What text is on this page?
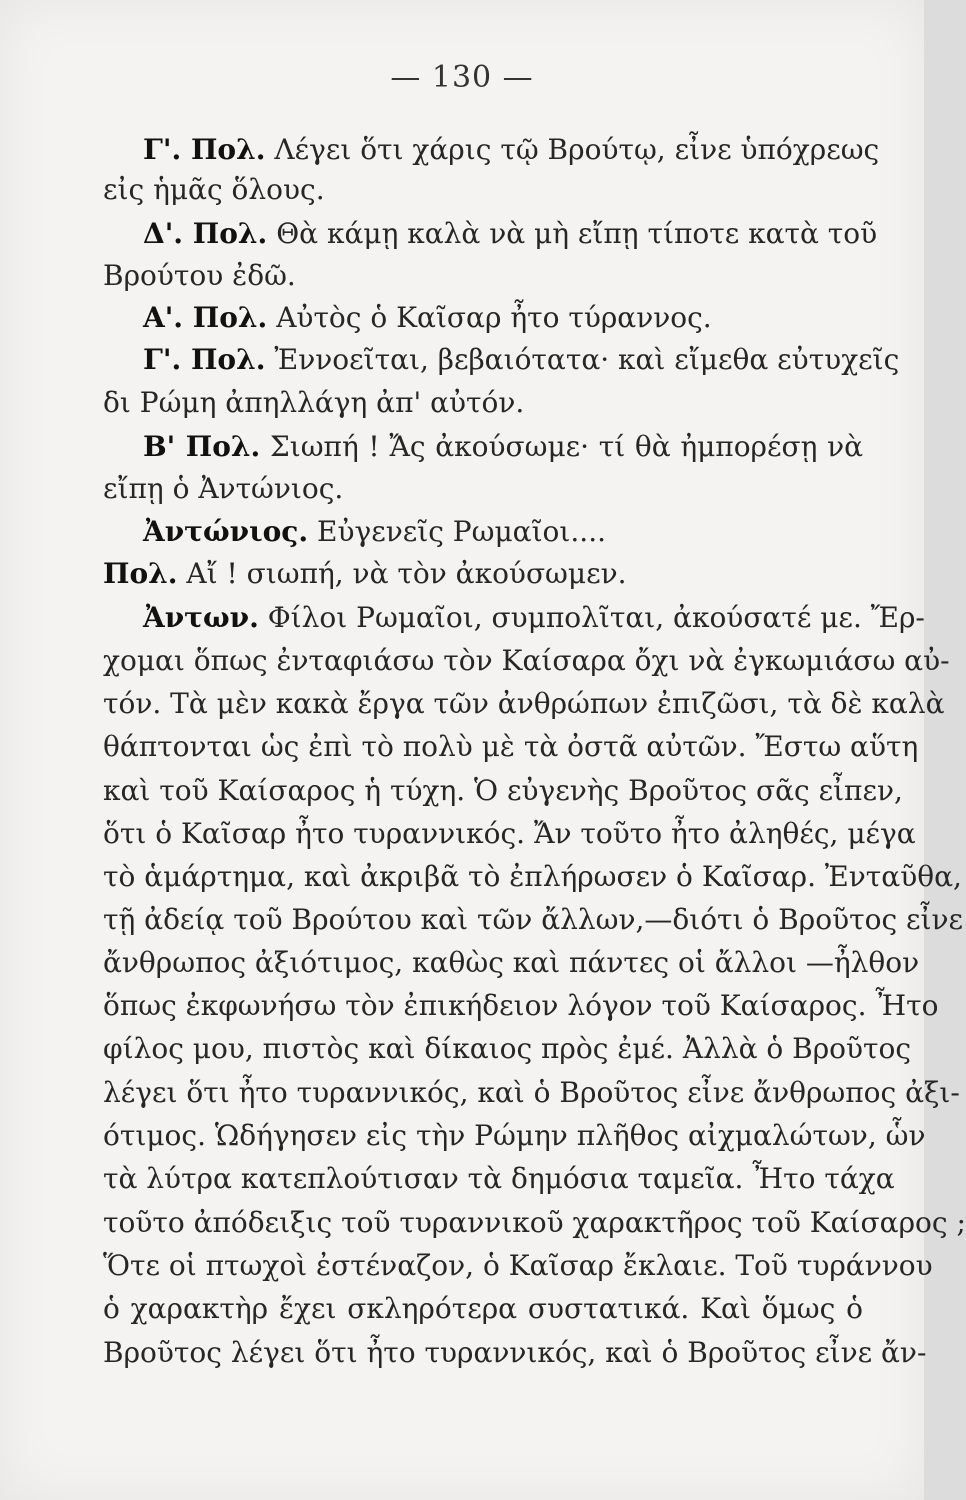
— 130 —
Γ'. Πολ. Λέγει ὅτι χάρις τῷ Βρούτῳ, εἶνε ὑπόχρεως
εἰς ἡμᾶς ὅλους.
Δ'. Πολ. Θὰ κάμῃ καλὰ νὰ μὴ εἴπῃ τίποτε κατὰ τοῦ
Βρούτου ἐδῶ.
Α'. Πολ. Αὐτὸς ὁ Καῖσαρ ἦτο τύραννος.
Γ'. Πολ. Ἐννοεῖται, βεβαιότατα· καὶ εἴμεθα εὐτυχεῖς
δι Ρώμη ἀπηλλάγη ἀπ' αὐτόν.
Β' Πολ. Σιωπή ! Ἄς ἀκούσωμε· τί θὰ ἠμπορέσῃ νὰ
εἴπῃ ὁ Ἀντώνιος.
Ἀντώνιος. Εὐγενεῖς Ρωμαῖοι....
Πολ. Αἴ ! σιωπή, νὰ τὸν ἀκούσωμεν.
Ἀντων. Φίλοι Ρωμαῖοι, συμπολῖται, ἀκούσατέ με. Ἔρ-
χομαι ὅπως ἐνταφιάσω τὸν Καίσαρα ὄχι νὰ ἐγκωμιάσω αὐ-
τόν. Τὰ μὲν κακὰ ἔργα τῶν ἀνθρώπων ἐπιζῶσι, τὰ δὲ καλὰ
θάπτονται ὡς ἐπὶ τὸ πολὺ μὲ τὰ ὀστᾶ αὐτῶν. Ἔστω αὕτη
καὶ τοῦ Καίσαρος ἡ τύχη. Ὁ εὐγενὴς Βροῦτος σᾶς εἶπεν,
ὅτι ὁ Καῖσαρ ἦτο τυραννικός. Ἄν τοῦτο ἦτο ἀληθές, μέγα
τὸ ἁμάρτημα, καὶ ἀκριβᾶ τὸ ἐπλήρωσεν ὁ Καῖσαρ. Ἐνταῦθα,
τῇ ἀδείᾳ τοῦ Βρούτου καὶ τῶν ἄλλων,—διότι ὁ Βροῦτος εἶνε
ἄνθρωπος ἀξιότιμος, καθὼς καὶ πάντες οἱ ἄλλοι —ἦλθον
ὅπως ἐκφωνήσω τὸν ἐπικήδειον λόγον τοῦ Καίσαρος. Ἦτο
φίλος μου, πιστὸς καὶ δίκαιος πρὸς ἐμέ. Ἀλλὰ ὁ Βροῦτος
λέγει ὅτι ἦτο τυραννικός, καὶ ὁ Βροῦτος εἶνε ἄνθρωπος ἀξι-
ότιμος. Ὡδήγησεν εἰς τὴν Ρώμην πλῆθος αἰχμαλώτων, ὧν
τὰ λύτρα κατεπλούτισαν τὰ δημόσια ταμεῖα. Ἦτο τάχα
τοῦτο ἀπόδειξις τοῦ τυραννικοῦ χαρακτῆρος τοῦ Καίσαρος ;
Ὅτε οἱ πτωχοὶ ἐστέναζον, ὁ Καῖσαρ ἔκλαιε. Τοῦ τυράννου
ὁ χαρακτὴρ ἔχει σκληρότερα συστατικά. Καὶ ὅμως ὁ
Βροῦτος λέγει ὅτι ἦτο τυραννικός, καὶ ὁ Βροῦτος εἶνε ἄν-
